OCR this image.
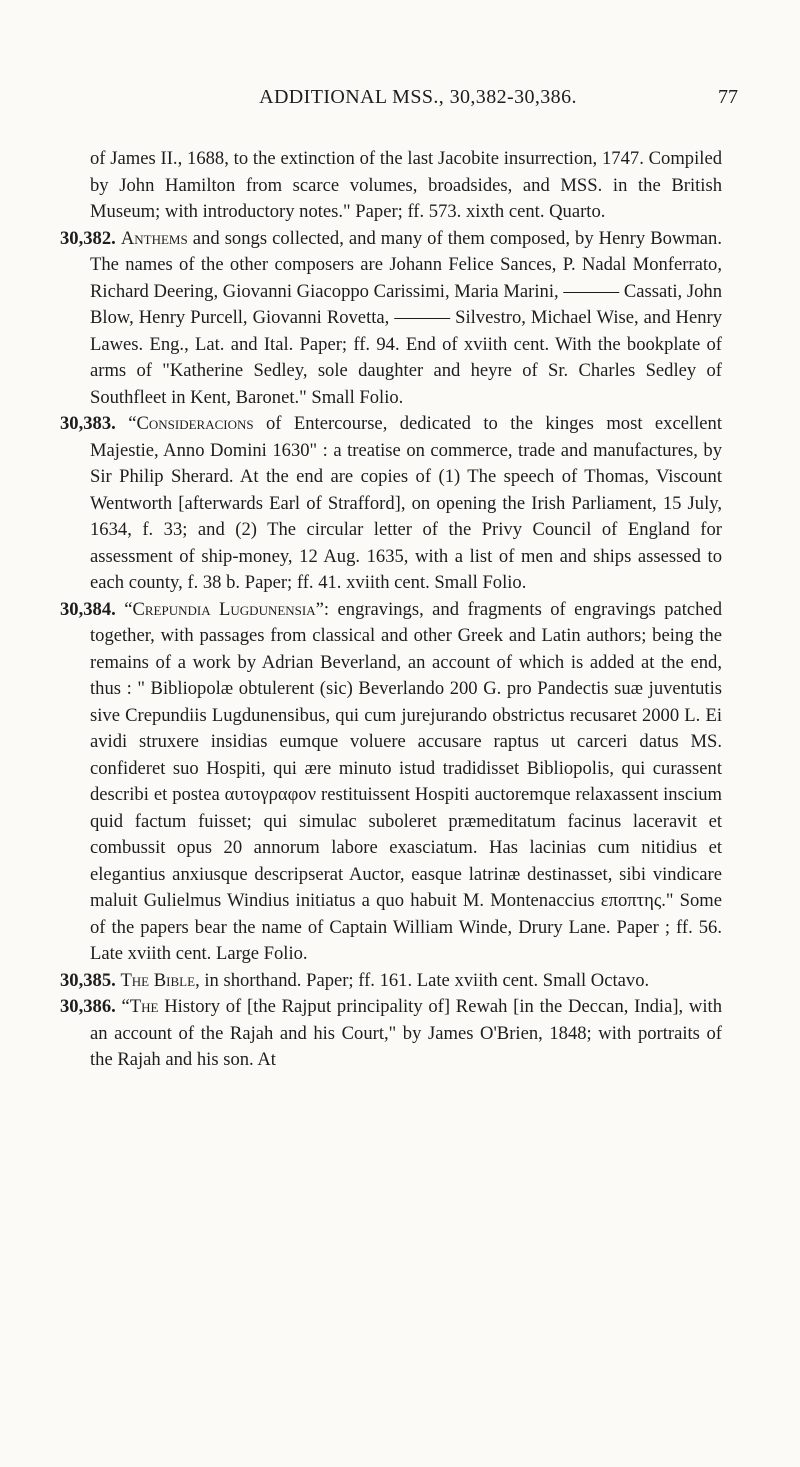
ADDITIONAL MSS., 30,382-30,386.	77

of James II., 1688, to the extinction of the last Jacobite insurrection, 1747. Compiled by John Hamilton from scarce volumes, broadsides, and MSS. in the British Museum; with introductory notes." Paper; ff. 573. xixth cent. Quarto.

30,382. Anthems and songs collected, and many of them composed, by Henry Bowman. The names of the other composers are Johann Felice Sances, P. Nadal Monferrato, Richard Deering, Giovanni Giacoppo Carissimi, Maria Marini, ——— Cassati, John Blow, Henry Purcell, Giovanni Rovetta, ——— Silvestro, Michael Wise, and Henry Lawes. Eng., Lat. and Ital. Paper; ff. 94. End of xviith cent. With the bookplate of arms of "Katherine Sedley, sole daughter and heyre of Sr. Charles Sedley of Southfleet in Kent, Baronet." Small Folio.

30,383. “Consideracions of Entercourse, dedicated to the kinges most excellent Majestie, Anno Domini 1630" : a treatise on commerce, trade and manufactures, by Sir Philip Sherard. At the end are copies of (1) The speech of Thomas, Viscount Wentworth [afterwards Earl of Strafford], on opening the Irish Parliament, 15 July, 1634, f. 33; and (2) The circular letter of the Privy Council of England for assessment of ship-money, 12 Aug. 1635, with a list of men and ships assessed to each county, f. 38 b. Paper; ff. 41. xviith cent. Small Folio.

30,384. “Crepundia Lugdunensia”: engravings, and fragments of engravings patched together, with passages from classical and other Greek and Latin authors; being the remains of a work by Adrian Beverland, an account of which is added at the end, thus : " Bibliopolæ obtulerent (sic) Beverlando 200 G. pro Pandectis suæ juventutis sive Crepundiis Lugdunensibus, qui cum jurejurando obstrictus recusaret 2000 L. Ei avidi struxere insidias eumque voluere accusare raptus ut carceri datus MS. confideret suo Hospiti, qui ære minuto istud tradidisset Bibliopolis, qui curassent describi et postea αυτογραφον restituissent Hospiti auctoremque relaxassent inscium quid factum fuisset; qui simulac suboleret præmeditatum facinus laceravit et combussit opus 20 annorum labore exasciatum. Has lacinias cum nitidius et elegantius anxiusque descripserat Auctor, easque latrinæ destinasset, sibi vindicare maluit Gulielmus Windius initiatus a quo habuit M. Montenaccius εποπτης." Some of the papers bear the name of Captain William Winde, Drury Lane. Paper ; ff. 56. Late xviith cent. Large Folio.

30,385. The Bible, in shorthand. Paper; ff. 161. Late xviith cent. Small Octavo.

30,386. “The History of [the Rajput principality of] Rewah [in the Deccan, India], with an account of the Rajah and his Court," by James O'Brien, 1848; with portraits of the Rajah and his son. At
